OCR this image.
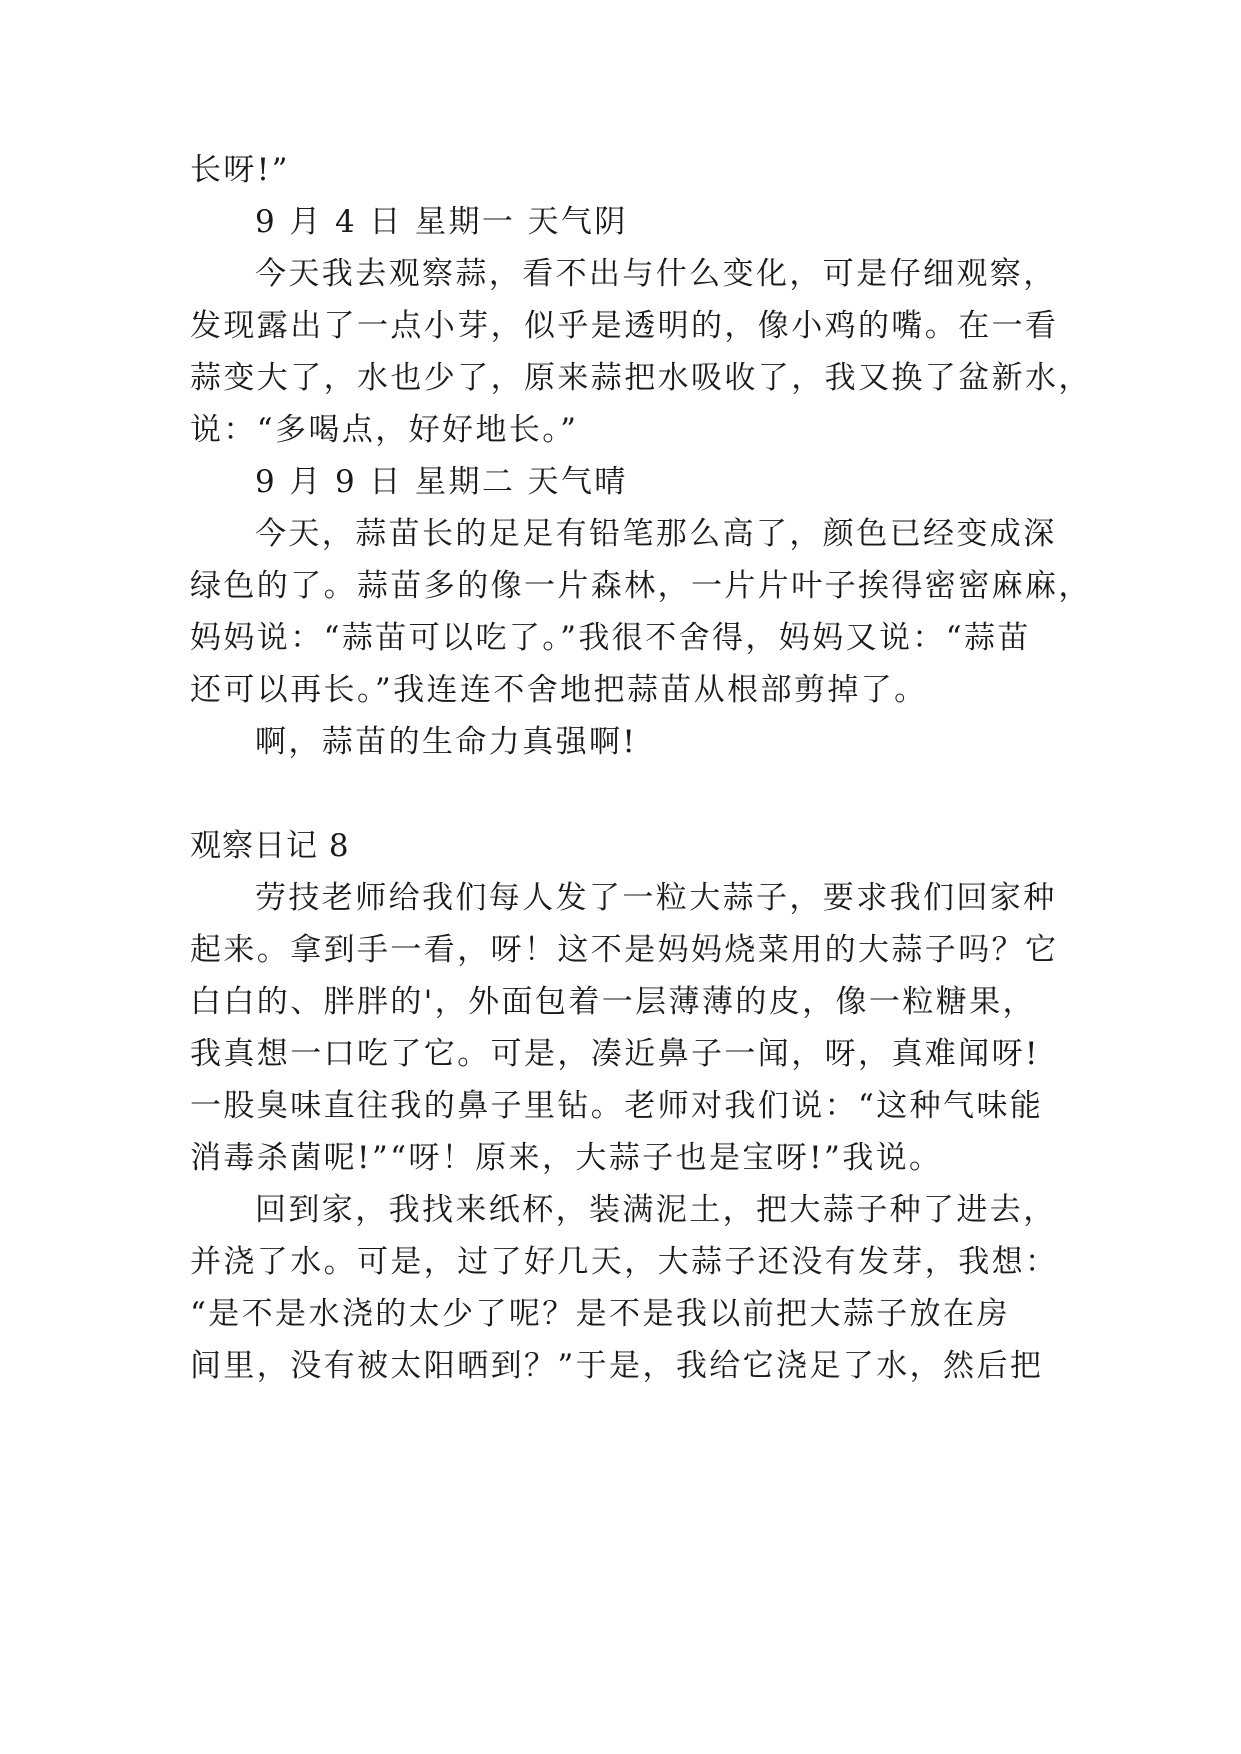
长呀!”
9 月 4 日 星期一 天气阴
今天我去观察蒜，看不出与什么变化，可是仔细观察，
发现露出了一点小芽，似乎是透明的，像小鸡的嘴。在一看
蒜变大了，水也少了，原来蒜把水吸收了，我又换了盆新水，
说：“多喝点，好好地长。”
9 月 9 日 星期二 天气晴
今天，蒜苗长的足足有铅笔那么高了，颜色已经变成深
绿色的了。蒜苗多的像一片森林，一片片叶子挨得密密麻麻，
妈妈说：“蒜苗可以吃了。”我很不舍得，妈妈又说：“蒜苗
还可以再长。”我连连不舍地把蒜苗从根部剪掉了。
啊，蒜苗的生命力真强啊!
观察日记 8
劳技老师给我们每人发了一粒大蒜子，要求我们回家种
起来。拿到手一看，呀！这不是妈妈烧菜用的大蒜子吗？它
白白的、胖胖的'，外面包着一层薄薄的皮，像一粒糖果，
我真想一口吃了它。可是，凑近鼻子一闻，呀，真难闻呀!
一股臭味直往我的鼻子里钻。老师对我们说：“这种气味能
消毒杀菌呢!”“呀！原来，大蒜子也是宝呀!”我说。
回到家，我找来纸杯，装满泥土，把大蒜子种了进去，
并浇了水。可是，过了好几天，大蒜子还没有发芽，我想：
“是不是水浇的太少了呢？是不是我以前把大蒜子放在房
间里，没有被太阳晒到？”于是，我给它浇足了水，然后把
